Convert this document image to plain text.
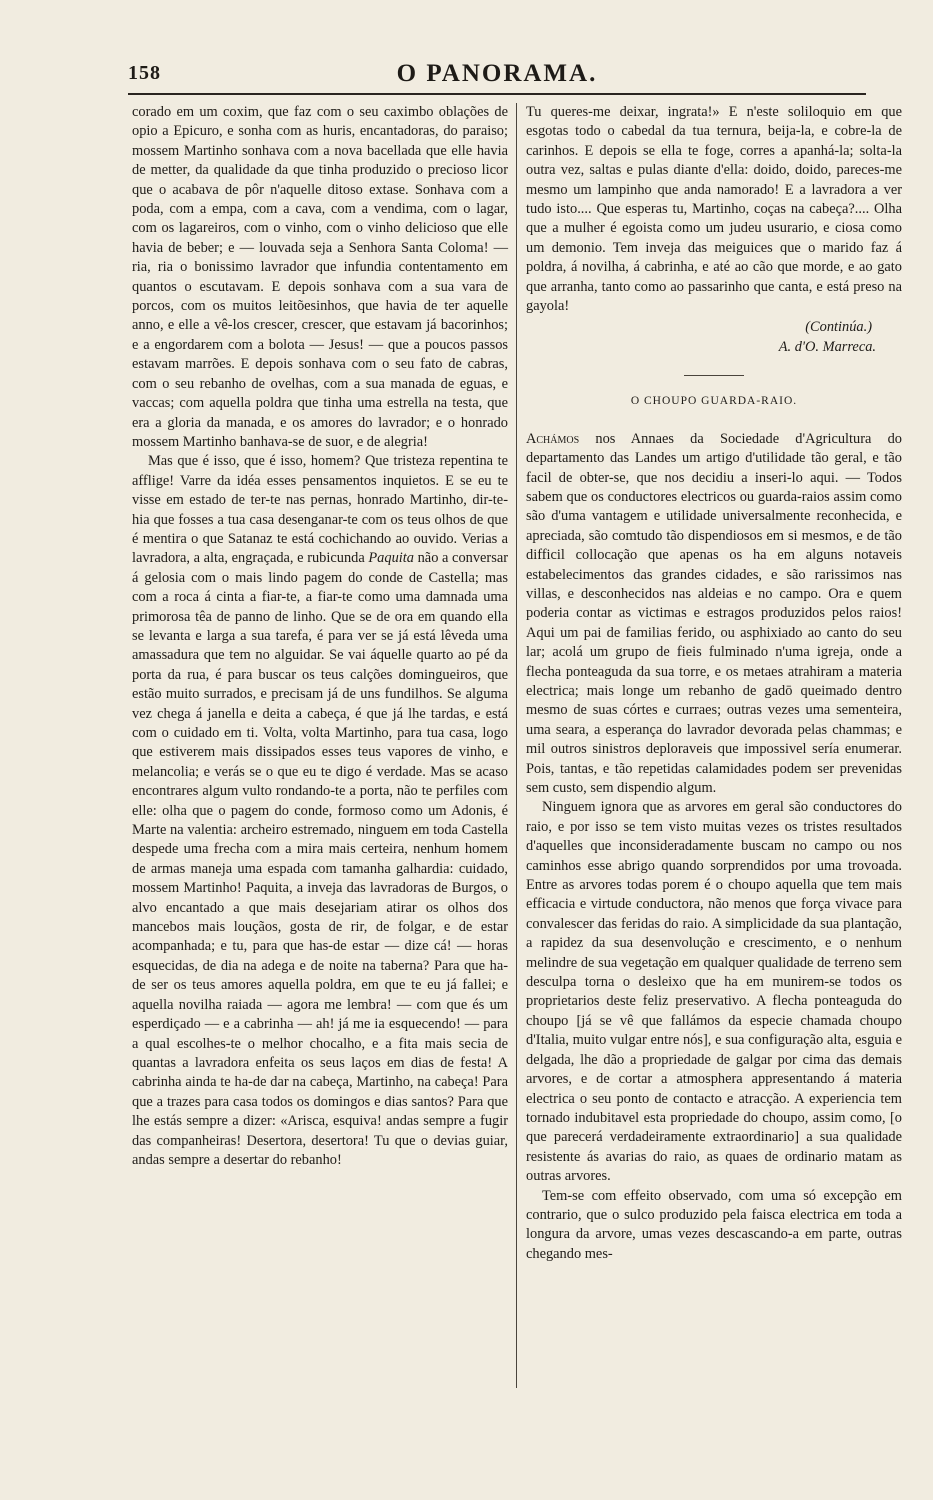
158	O PANORAMA.

corado em um coxim, que faz com o seu caximbo oblações de opio a Epicuro, e sonha com as huris, encantadoras, do paraiso; mossem Martinho sonhava com a nova bacellada que elle havia de metter, da qualidade da que tinha produzido o precioso licor que o acabava de pôr n'aquelle ditoso extase. Sonhava com a poda, com a empa, com a cava, com a vendima, com o lagar, com os lagareiros, com o vinho, com o vinho delicioso que elle havia de beber; e — louvada seja a Senhora Santa Coloma! — ria, ria o bonissimo lavrador que infundia contentamento em quantos o escutavam. E depois sonhava com a sua vara de porcos, com os muitos leitõesinhos, que havia de ter aquelle anno, e elle a vê-los crescer, crescer, que estavam já bacorinhos; e a engordarem com a bolota — Jesus! — que a poucos passos estavam marrões. E depois sonhava com o seu fato de cabras, com o seu rebanho de ovelhas, com a sua manada de eguas, e vaccas; com aquella poldra que tinha uma estrella na testa, que era a gloria da manada, e os amores do lavrador; e o honrado mossem Martinho banhava-se de suor, e de alegria!

Mas que é isso, que é isso, homem? Que tristeza repentina te afflige! Varre da idéa esses pensamentos inquietos. E se eu te visse em estado de ter-te nas pernas, honrado Martinho, dir-te-hia que fosses a tua casa desenganar-te com os teus olhos de que é mentira o que Satanaz te está cochichando ao ouvido. Verias a lavradora, a alta, engraçada, e rubicunda Paquita não a conversar á gelosia com o mais lindo pagem do conde de Castella; mas com a roca á cinta a fiar-te, a fiar-te como uma damnada uma primorosa têa de panno de linho. Que se de ora em quando ella se levanta e larga a sua tarefa, é para ver se já está lêveda uma amassadura que tem no alguidar. Se vai áquelle quarto ao pé da porta da rua, é para buscar os teus calções domingueiros, que estão muito surrados, e precisam já de uns fundilhos. Se alguma vez chega á janella e deita a cabeça, é que já lhe tardas, e está com o cuidado em ti. Volta, volta Martinho, para tua casa, logo que estiverem mais dissipados esses teus vapores de vinho, e melancolia; e verás se o que eu te digo é verdade. Mas se acaso encontrares algum vulto rondando-te a porta, não te perfiles com elle: olha que o pagem do conde, formoso como um Adonis, é Marte na valentia: archeiro estremado, ninguem em toda Castella despede uma frecha com a mira mais certeira, nenhum homem de armas maneja uma espada com tamanha galhardia: cuidado, mossem Martinho! Paquita, a inveja das lavradoras de Burgos, o alvo encantado a que mais desejariam atirar os olhos dos mancebos mais louçãos, gosta de rir, de folgar, e de estar acompanhada; e tu, para que has-de estar — dize cá! — horas esquecidas, de dia na adega e de noite na taberna? Para que ha-de ser os teus amores aquella poldra, em que te eu já fallei; e aquella novilha raiada — agora me lembra! — com que és um esperdiçado — e a cabrinha — ah! já me ia esquecendo! — para a qual escolhes-te o melhor chocalho, e a fita mais secia de quantas a lavradora enfeita os seus laços em dias de festa! A cabrinha ainda te ha-de dar na cabeça, Martinho, na cabeça! Para que a trazes para casa todos os domingos e dias santos? Para que lhe estás sempre a dizer: «Arisca, esquiva! andas sempre a fugir das companheiras! Desertora, desertora! Tu que o devias guiar, andas sempre a desertar do rebanho!

Tu queres-me deixar, ingrata!» E n'este soliloquio em que esgotas todo o cabedal da tua ternura, beija-la, e cobre-la de carinhos. E depois se ella te foge, corres a apanhá-la; solta-la outra vez, saltas e pulas diante d'ella: doido, doido, pareces-me mesmo um lampinho que anda namorado! E a lavradora a ver tudo isto.... Que esperas tu, Martinho, coças na cabeça?.... Olha que a mulher é egoista como um judeu usurario, e ciosa como um demonio. Tem inveja das meiguices que o marido faz á poldra, á novilha, á cabrinha, e até ao cão que morde, e ao gato que arranha, tanto como ao passarinho que canta, e está preso na gayola!

(Continúa.)
A. d'O. Marreca.
O CHOUPO GUARDA-RAIO.

Achámos nos Annaes da Sociedade d'Agricultura do departamento das Landes um artigo d'utilidade tão geral, e tão facil de obter-se, que nos decidiu a inseri-lo aqui. — Todos sabem que os conductores electricos ou guarda-raios assim como são d'uma vantagem e utilidade universalmente reconhecida, e apreciada, são comtudo tão dispendiosos em si mesmos, e de tão difficil collocação que apenas os ha em alguns notaveis estabelecimentos das grandes cidades, e são rarissimos nas villas, e desconhecidos nas aldeias e no campo. Ora e quem poderia contar as victimas e estragos produzidos pelos raios! Aqui um pai de familias ferido, ou asphixiado ao canto do seu lar; acolá um grupo de fieis fulminado n'uma igreja, onde a flecha ponteaguda da sua torre, e os metaes atrahiram a materia electrica; mais longe um rebanho de gadō queimado dentro mesmo de suas córtes e curraes; outras vezes uma sementeira, uma seara, a esperança do lavrador devorada pelas chammas; e mil outros sinistros deploraveis que impossivel sería enumerar. Pois, tantas, e tão repetidas calamidades podem ser prevenidas sem custo, sem dispendio algum.

Ninguem ignora que as arvores em geral são conductores do raio, e por isso se tem visto muitas vezes os tristes resultados d'aquelles que inconsideradamente buscam no campo ou nos caminhos esse abrigo quando sorprendidos por uma trovoada. Entre as arvores todas porem é o choupo aquella que tem mais efficacia e virtude conductora, não menos que força vivace para convalescer das feridas do raio. A simplicidade da sua plantação, a rapidez da sua desenvolução e crescimento, e o nenhum melindre de sua vegetação em qualquer qualidade de terreno sem desculpa torna o desleixo que ha em munirem-se todos os proprietarios deste feliz preservativo. A flecha ponteaguda do choupo [já se vê que fallámos da especie chamada choupo d'Italia, muito vulgar entre nós], e sua configuração alta, esguia e delgada, lhe dão a propriedade de galgar por cima das demais arvores, e de cortar a atmosphera appresentando á materia electrica o seu ponto de contacto e atracção. A experiencia tem tornado indubitavel esta propriedade do choupo, assim como, [o que parecerá verdadeiramente extraordinario] a sua qualidade resistente ás avarias do raio, as quaes de ordinario matam as outras arvores.

Tem-se com effeito observado, com uma só excepção em contrario, que o sulco produzido pela faisca electrica em toda a longura da arvore, umas vezes descascando-a em parte, outras chegando mes-
